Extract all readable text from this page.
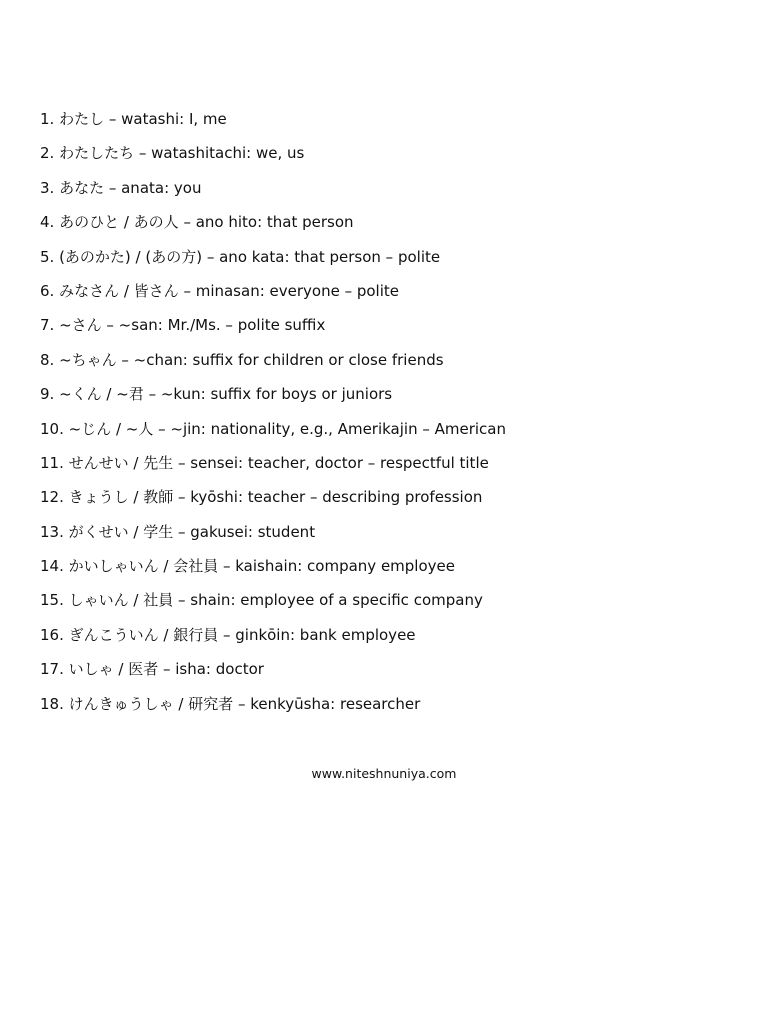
1. わたし – watashi: I, me
2. わたしたち – watashitachi: we, us
3. あなた – anata: you
4. あのひと / あの人 – ano hito: that person
5. (あのかた) / (あの方) – ano kata: that person – polite
6. みなさん / 皆さん – minasan: everyone – polite
7. ~さん – ~san: Mr./Ms. – polite suffix
8. ~ちゃん – ~chan: suffix for children or close friends
9. ~くん / ~君 – ~kun: suffix for boys or juniors
10. ~じん / ~人 – ~jin: nationality, e.g., Amerikajin – American
11. せんせい / 先生 – sensei: teacher, doctor – respectful title
12. きょうし / 教師 – kyōshi: teacher – describing profession
13. がくせい / 学生 – gakusei: student
14. かいしゃいん / 会社員 – kaishain: company employee
15. しゃいん / 社員 – shain: employee of a specific company
16. ぎんこういん / 銀行員 – ginkōin: bank employee
17. いしゃ / 医者 – isha: doctor
18. けんきゅうしゃ / 研究者 – kenkyūsha: researcher
www.niteshnuniya.com
